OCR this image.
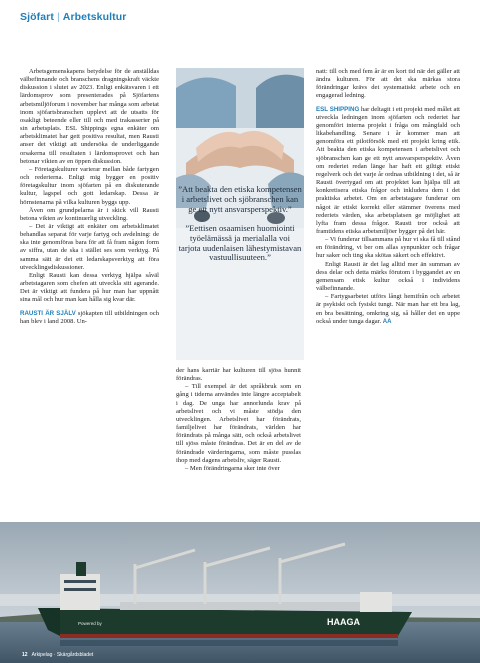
Sjöfart | Arbetskultur

Arbetsgemenskapens betydelse för de anställdas välbefinnande och branschens dragningskraft väckte diskussion i slutet av 2023. Enligt enkätsvaren i ett lärdomsprov som presenterades på Sjöfartens arbetsmiljöforum i november har många som arbetat inom sjöfartsbranschen upplevt att de utsatts för osakligt beteende eller till och med trakasserier på sin arbetsplats. ESL Shippings egna enkäter om arbetsklimatet har gett positiva resultat, men Rausti anser det viktigt att undersöka de underliggande orsakerna till resultaten i lärdomsprovet och han betonar vikten av en öppen diskussion.

– Företagskulturer varierar mellan både fartygen och rederierna. Enligt mig bygger en positiv företagskultur inom sjöfarten på en diskuterande kultur, lagspel och gott ledarskap. Dessa är hörnstenarna på vilka kulturen byggs upp.

Även om grundpelarna är i skick vill Rausti betona vikten av kontinuerlig utveckling.

– Det är viktigt att enkäter om arbetsklimatet behandlas separat för varje fartyg och avdelning: de ska inte genomföras bara för att få fram någon form av siffra, utan de ska i stället ses som verktyg. På samma sätt är det ett ledarskapsverktyg att föra utvecklingsdiskussioner.

Enligt Rausti kan dessa verktyg hjälpa såväl arbetstagaren som chefen att utveckla sitt agerande. Det är viktigt att fundera på hur man har uppnått sina mål och hur man kan hålla sig kvar där.

RAUSTI ÄR SJÄLV sjökapten till utbildningen och han blev i land 2008. Un-

”Att beakta den etiska kompetensen i arbetslivet och sjöbranschen kan ge ett nytt ansvarsperspektiv.”
”Eettisen osaamisen huomiointi työelämässä ja merialalla voi tarjota uudenlaisen lähestymistavan vastuullisuuteen.”

der hans karriär har kulturen till sjöss hunnit förändras.

– Till exempel är det språkbruk som en gång i tiderna användes inte längre acceptabelt i dag. De unga har annorlunda krav på arbetslivet och vi måste stödja den utvecklingen. Arbetslivet har förändrats, familjelivet har förändrats, världen har förändrats på många sätt, och också arbetslivet till sjöss måste förändras. Det är en del av de förändrade värderingarna, som måste pusslas ihop med dagens arbetsliv, säger Rausti.

– Men förändringarna sker inte över

natt: till och med fem år är en kort tid när det gäller att ändra kulturen. För att det ska märkas stora förändringar krävs det systematiskt arbete och en engagerad ledning.

ESL SHIPPING har deltagit i ett projekt med målet att utveckla ledningen inom sjöfarten och rederiet har genomfört interna projekt i fråga om mångfald och likabehandling. Senare i år kommer man att genomföra ett pilotförsök med ett projekt kring etik. Att beakta den etiska kompetensen i arbetslivet och sjöbranschen kan ge ett nytt ansvarsperspektiv. Även om rederiet redan länge har haft ett giltigt etiskt regelverk och det varje år ordnas utbildning i det, så är Rausti övertygad om att projektet kan hjälpa till att konkretisera etiska frågor och inkludera dem i det praktiska arbetet. Om en arbetstagare funderar om något är etiskt korrekt eller stämmer överens med rederiets värden, ska arbetsplatsen ge möjlighet att lyfta fram dessa frågor. Rausti tror också att framtidens etiska arbetsmiljöer bygger på det här.

– Vi funderar tillsammans på hur vi ska få till stånd en förändring, vi ber om allas synpunkter och frågar hur saker och ting ska skötas säkert och effektivt.

Enligt Rausti är det lag alltid mer än summan av dess delar och detta märks förutom i byggandet av en gemensam etisk kultur också i individens välbefinnande.

– Fartygsarbetet utförs långt hemifrån och arbetet är psykiskt och fysiskt tungt. När man har ett bra lag, en bra besättning, omkring sig, så håller det en uppe också under tunga dagar. AA

HAAGA
Powered by
12 Arkipelag · Skärgårdsbladet
